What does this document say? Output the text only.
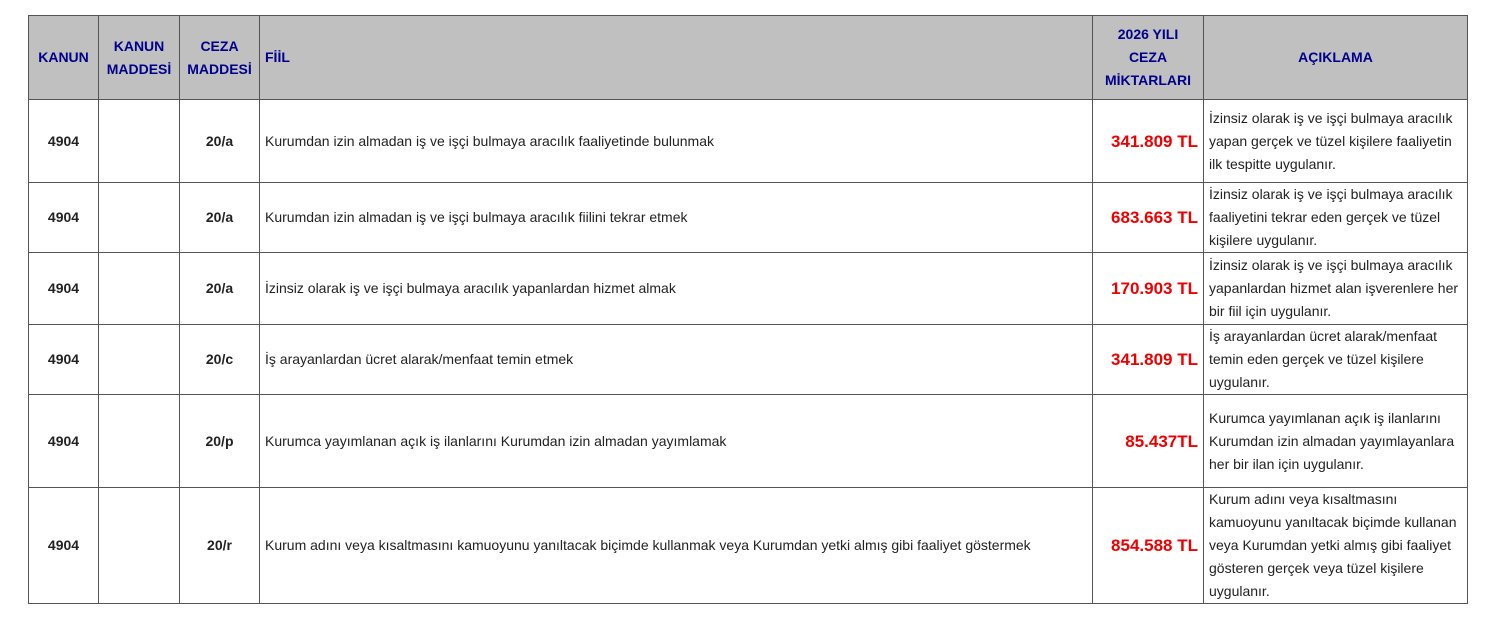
KANUN	KANUN MADDESİ	CEZA MADDESİ	FİİL	2026 YILI CEZA MİKTARLARI	AÇIKLAMA
4904		20/a	Kurumdan izin almadan iş ve işçi bulmaya aracılık faaliyetinde bulunmak	341.809 TL	İzinsiz olarak iş ve işçi bulmaya aracılık yapan gerçek ve tüzel kişilere faaliyetin ilk tespitte uygulanır.
4904		20/a	Kurumdan izin almadan iş ve işçi bulmaya aracılık fiilini tekrar etmek	683.663 TL	İzinsiz olarak iş ve işçi bulmaya aracılık faaliyetini tekrar eden gerçek ve tüzel kişilere uygulanır.
4904		20/a	İzinsiz olarak iş ve işçi bulmaya aracılık yapanlardan hizmet almak	170.903 TL	İzinsiz olarak iş ve işçi bulmaya aracılık yapanlardan hizmet alan işverenlere her bir fiil için uygulanır.
4904		20/c	İş arayanlardan ücret alarak/menfaat temin etmek	341.809 TL	İş arayanlardan ücret alarak/menfaat temin eden gerçek ve tüzel kişilere uygulanır.
4904		20/p	Kurumca yayımlanan açık iş ilanlarını Kurumdan izin almadan yayımlamak	85.437TL	Kurumca yayımlanan açık iş ilanlarını Kurumdan izin almadan yayımlayanlara her bir ilan için uygulanır.
4904		20/r	Kurum adını veya kısaltmasını kamuoyunu yanıltacak biçimde kullanmak veya Kurumdan yetki almış gibi faaliyet göstermek	854.588 TL	Kurum adını veya kısaltmasını kamuoyunu yanıltacak biçimde kullanan veya Kurumdan yetki almış gibi faaliyet gösteren gerçek veya tüzel kişilere uygulanır.
